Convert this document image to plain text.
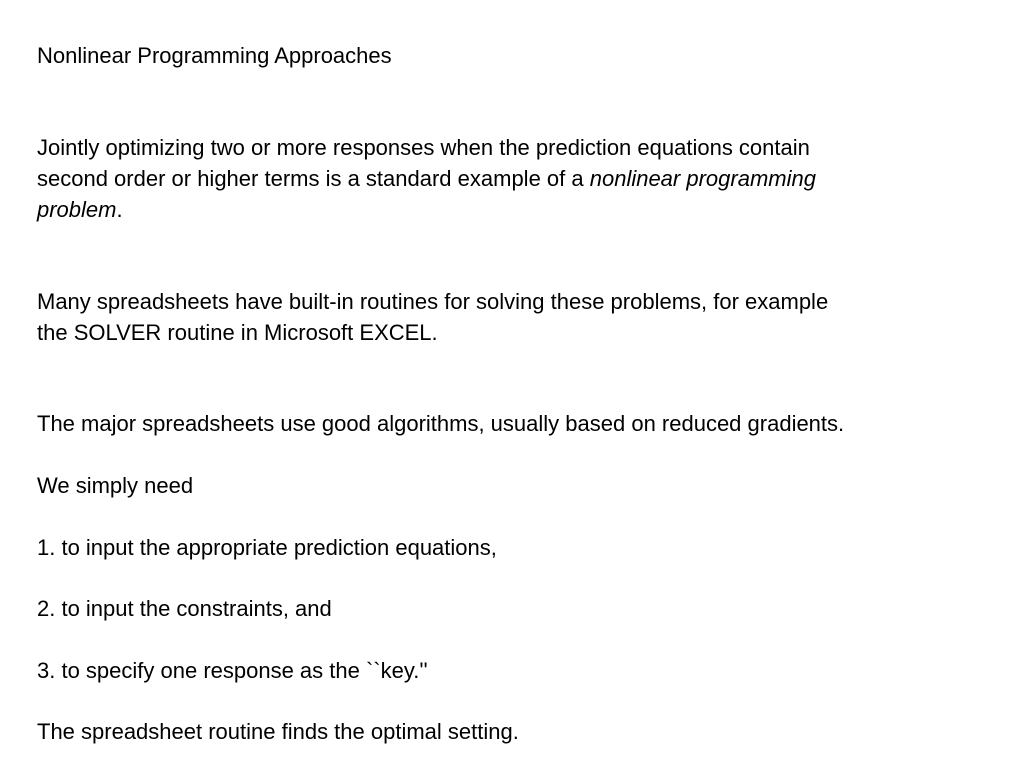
Nonlinear Programming Approaches

Jointly optimizing two or more responses when the prediction equations contain

second order or higher terms is a standard example of a nonlinear programming

problem.

Many spreadsheets have built-in routines for solving these problems, for example

the SOLVER routine in Microsoft EXCEL.

The major spreadsheets use good algorithms, usually based on reduced gradients.

We simply need

1. to input the appropriate prediction equations,

2. to input the constraints, and

3. to specify one response as the ``key.''

The spreadsheet routine finds the optimal setting.
